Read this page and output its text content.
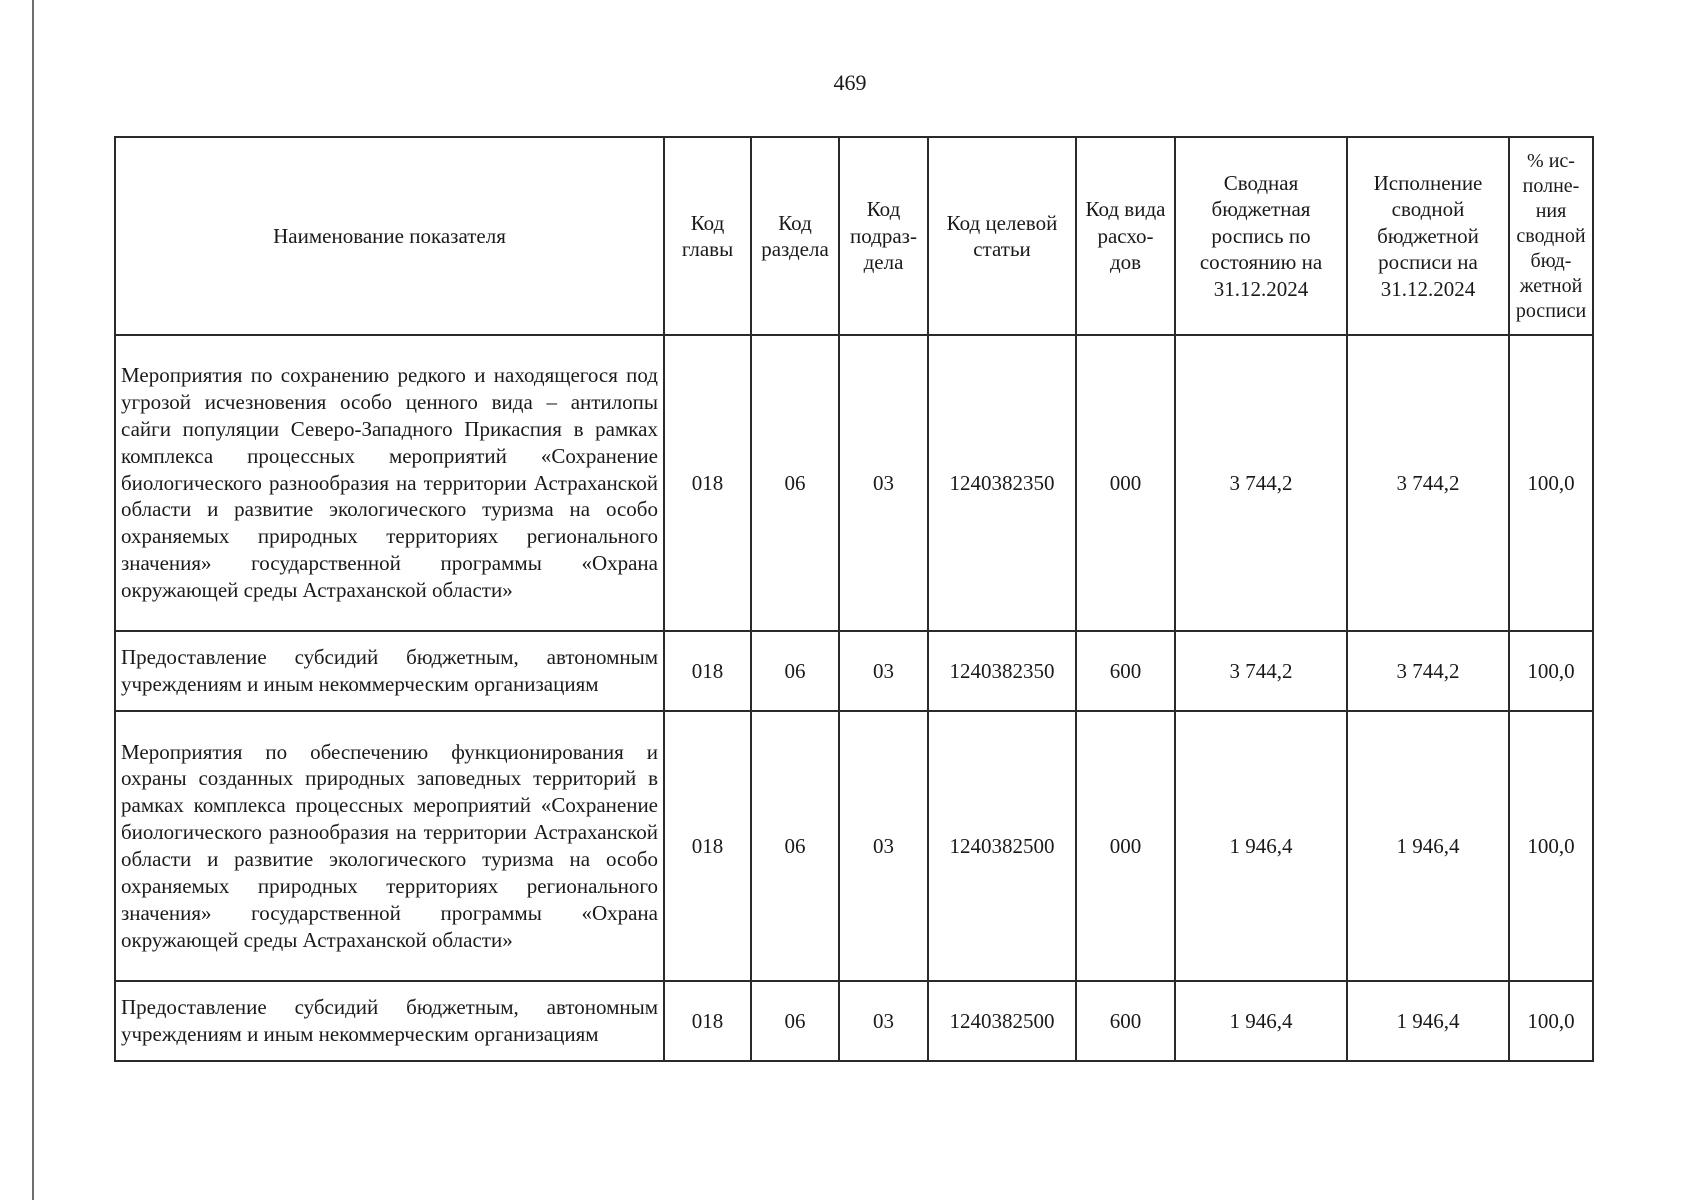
469
Наименование показателя	Код главы	Код раздела	Код подраз-дела	Код целевой статьи	Код вида расхо-дов	Сводная бюджетная роспись по состоянию на 31.12.2024	Исполнение сводной бюджетной росписи на 31.12.2024	% ис-полне-ния сводной бюд-жетной росписи
Мероприятия по сохранению редкого и находящегося под угрозой исчезновения особо ценного вида – антилопы сайги популяции Северо-Западного Прикаспия в рамках комплекса процессных мероприятий «Сохранение биологического разнообразия на территории Астраханской области и развитие экологического туризма на особо охраняемых природных территориях регионального значения» государственной программы «Охрана окружающей среды Астраханской области»	018	06	03	1240382350	000	3 744,2	3 744,2	100,0
Предоставление субсидий бюджетным, автономным учреждениям и иным некоммерческим организациям	018	06	03	1240382350	600	3 744,2	3 744,2	100,0
Мероприятия по обеспечению функционирования и охраны созданных природных заповедных территорий в рамках комплекса процессных мероприятий «Сохранение биологического разнообразия на территории Астраханской области и развитие экологического туризма на особо охраняемых природных территориях регионального значения» государственной программы «Охрана окружающей среды Астраханской области»	018	06	03	1240382500	000	1 946,4	1 946,4	100,0
Предоставление субсидий бюджетным, автономным учреждениям и иным некоммерческим организациям	018	06	03	1240382500	600	1 946,4	1 946,4	100,0
